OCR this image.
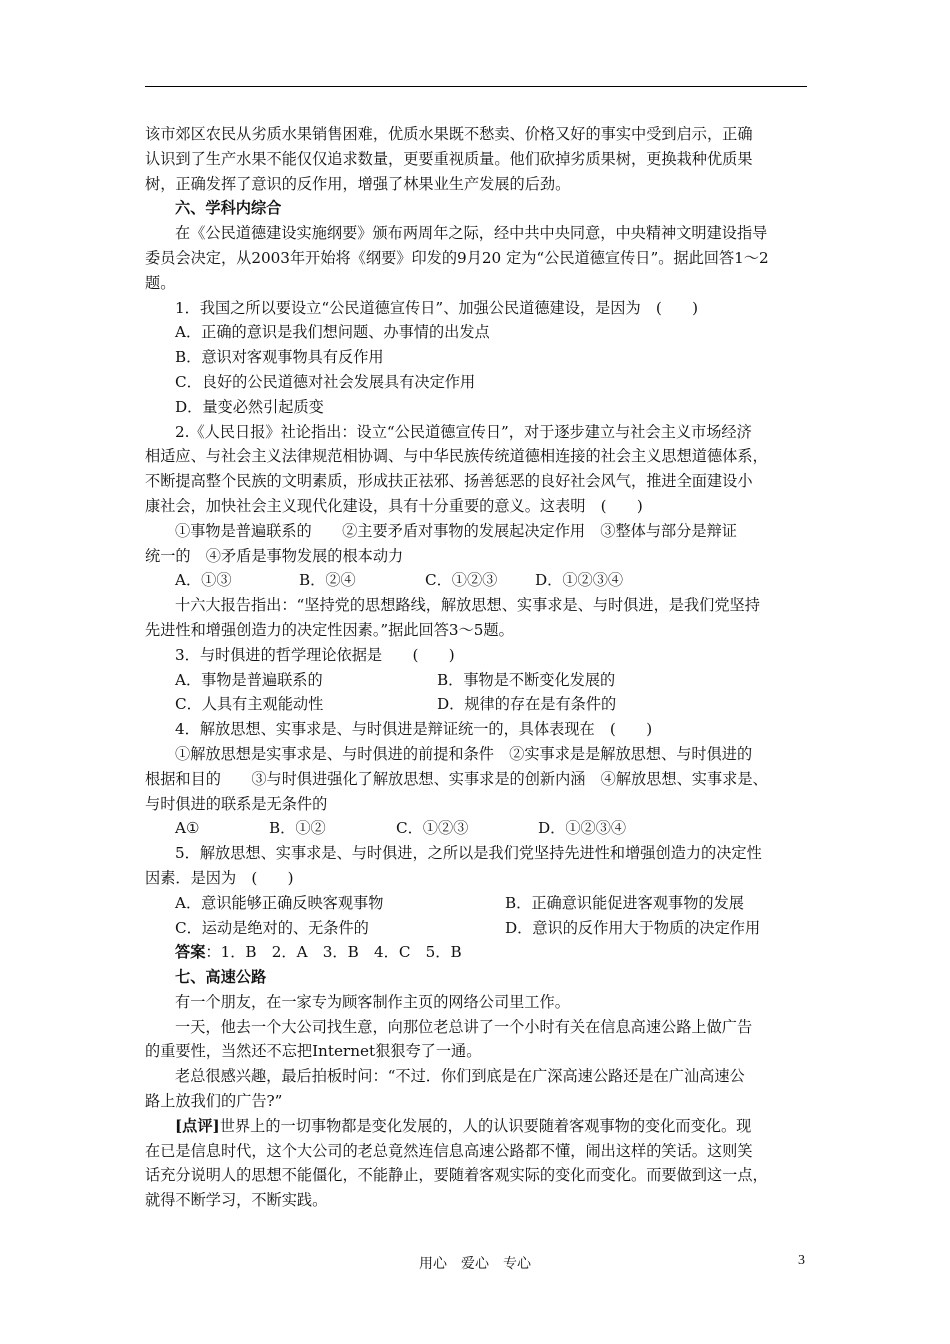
该市郊区农民从劣质水果销售困难，优质水果既不愁卖、价格又好的事实中受到启示，正确

认识到了生产水果不能仅仅追求数量，更要重视质量。他们砍掉劣质果树，更换栽种优质果

树，正确发挥了意识的反作用，增强了林果业生产发展的后劲。

六、学科内综合

在《公民道德建设实施纲要》颁布两周年之际，经中共中央同意，中央精神文明建设指导

委员会决定，从2003年开始将《纲要》印发的9月20 定为“公民道德宣传日”。据此回答1～2

题。

1．我国之所以要设立“公民道德宣传日”、加强公民道德建设，是因为　(　　)

A．正确的意识是我们想问题、办事情的出发点

B．意识对客观事物具有反作用

C．良好的公民道德对社会发展具有决定作用

D．量变必然引起质变

2.《人民日报》社论指出：设立“公民道德宣传日”，对于逐步建立与社会主义市场经济

相适应、与社会主义法律规范相协调、与中华民族传统道德相连接的社会主义思想道德体系，

不断提高整个民族的文明素质，形成扶正祛邪、扬善惩恶的良好社会风气，推进全面建设小

康社会，加快社会主义现代化建设，具有十分重要的意义。这表明　(　　)

①事物是普遍联系的　　②主要矛盾对事物的发展起决定作用　③整体与部分是辩证

统一的　④矛盾是事物发展的根本动力

A．①③	B．②④	C．①②③	D．①②③④

十六大报告指出：“坚持党的思想路线，解放思想、实事求是、与时俱进，是我们党坚持

先进性和增强创造力的决定性因素。”据此回答3～5题。

3．与时俱进的哲学理论依据是　　(　　)

A．事物是普遍联系的	B．事物是不断变化发展的
C．人具有主观能动性	D．规律的存在是有条件的

4．解放思想、实事求是、与时俱进是辩证统一的，具体表现在　(　　)

①解放思想是实事求是、与时俱进的前提和条件　②实事求是是解放思想、与时俱进的

根据和目的　　③与时俱进强化了解放思想、实事求是的创新内涵　④解放思想、实事求是、

与时俱进的联系是无条件的

A①	B．①②	C．①②③	D．①②③④

5．解放思想、实事求是、与时俱进，之所以是我们党坚持先进性和增强创造力的决定性

因素．是因为　(　　)

A．意识能够正确反映客观事物	B．正确意识能促进客观事物的发展
C．运动是绝对的、无条件的	D．意识的反作用大于物质的决定作用

答案：1．B　2．A　3．B　4．C　5．B

七、高速公路

有一个朋友，在一家专为顾客制作主页的网络公司里工作。

一天，他去一个大公司找生意，向那位老总讲了一个小时有关在信息高速公路上做广告

的重要性，当然还不忘把Internet狠狠夸了一通。

老总很感兴趣，最后拍板时问：“不过．你们到底是在广深高速公路还是在广汕高速公

路上放我们的广告?”

[点评]世界上的一切事物都是变化发展的，人的认识要随着客观事物的变化而变化。现

在已是信息时代，这个大公司的老总竟然连信息高速公路都不懂，闹出这样的笑话。这则笑

话充分说明人的思想不能僵化，不能静止，要随着客观实际的变化而变化。而要做到这一点，

就得不断学习，不断实践。

用心　爱心　专心	3
